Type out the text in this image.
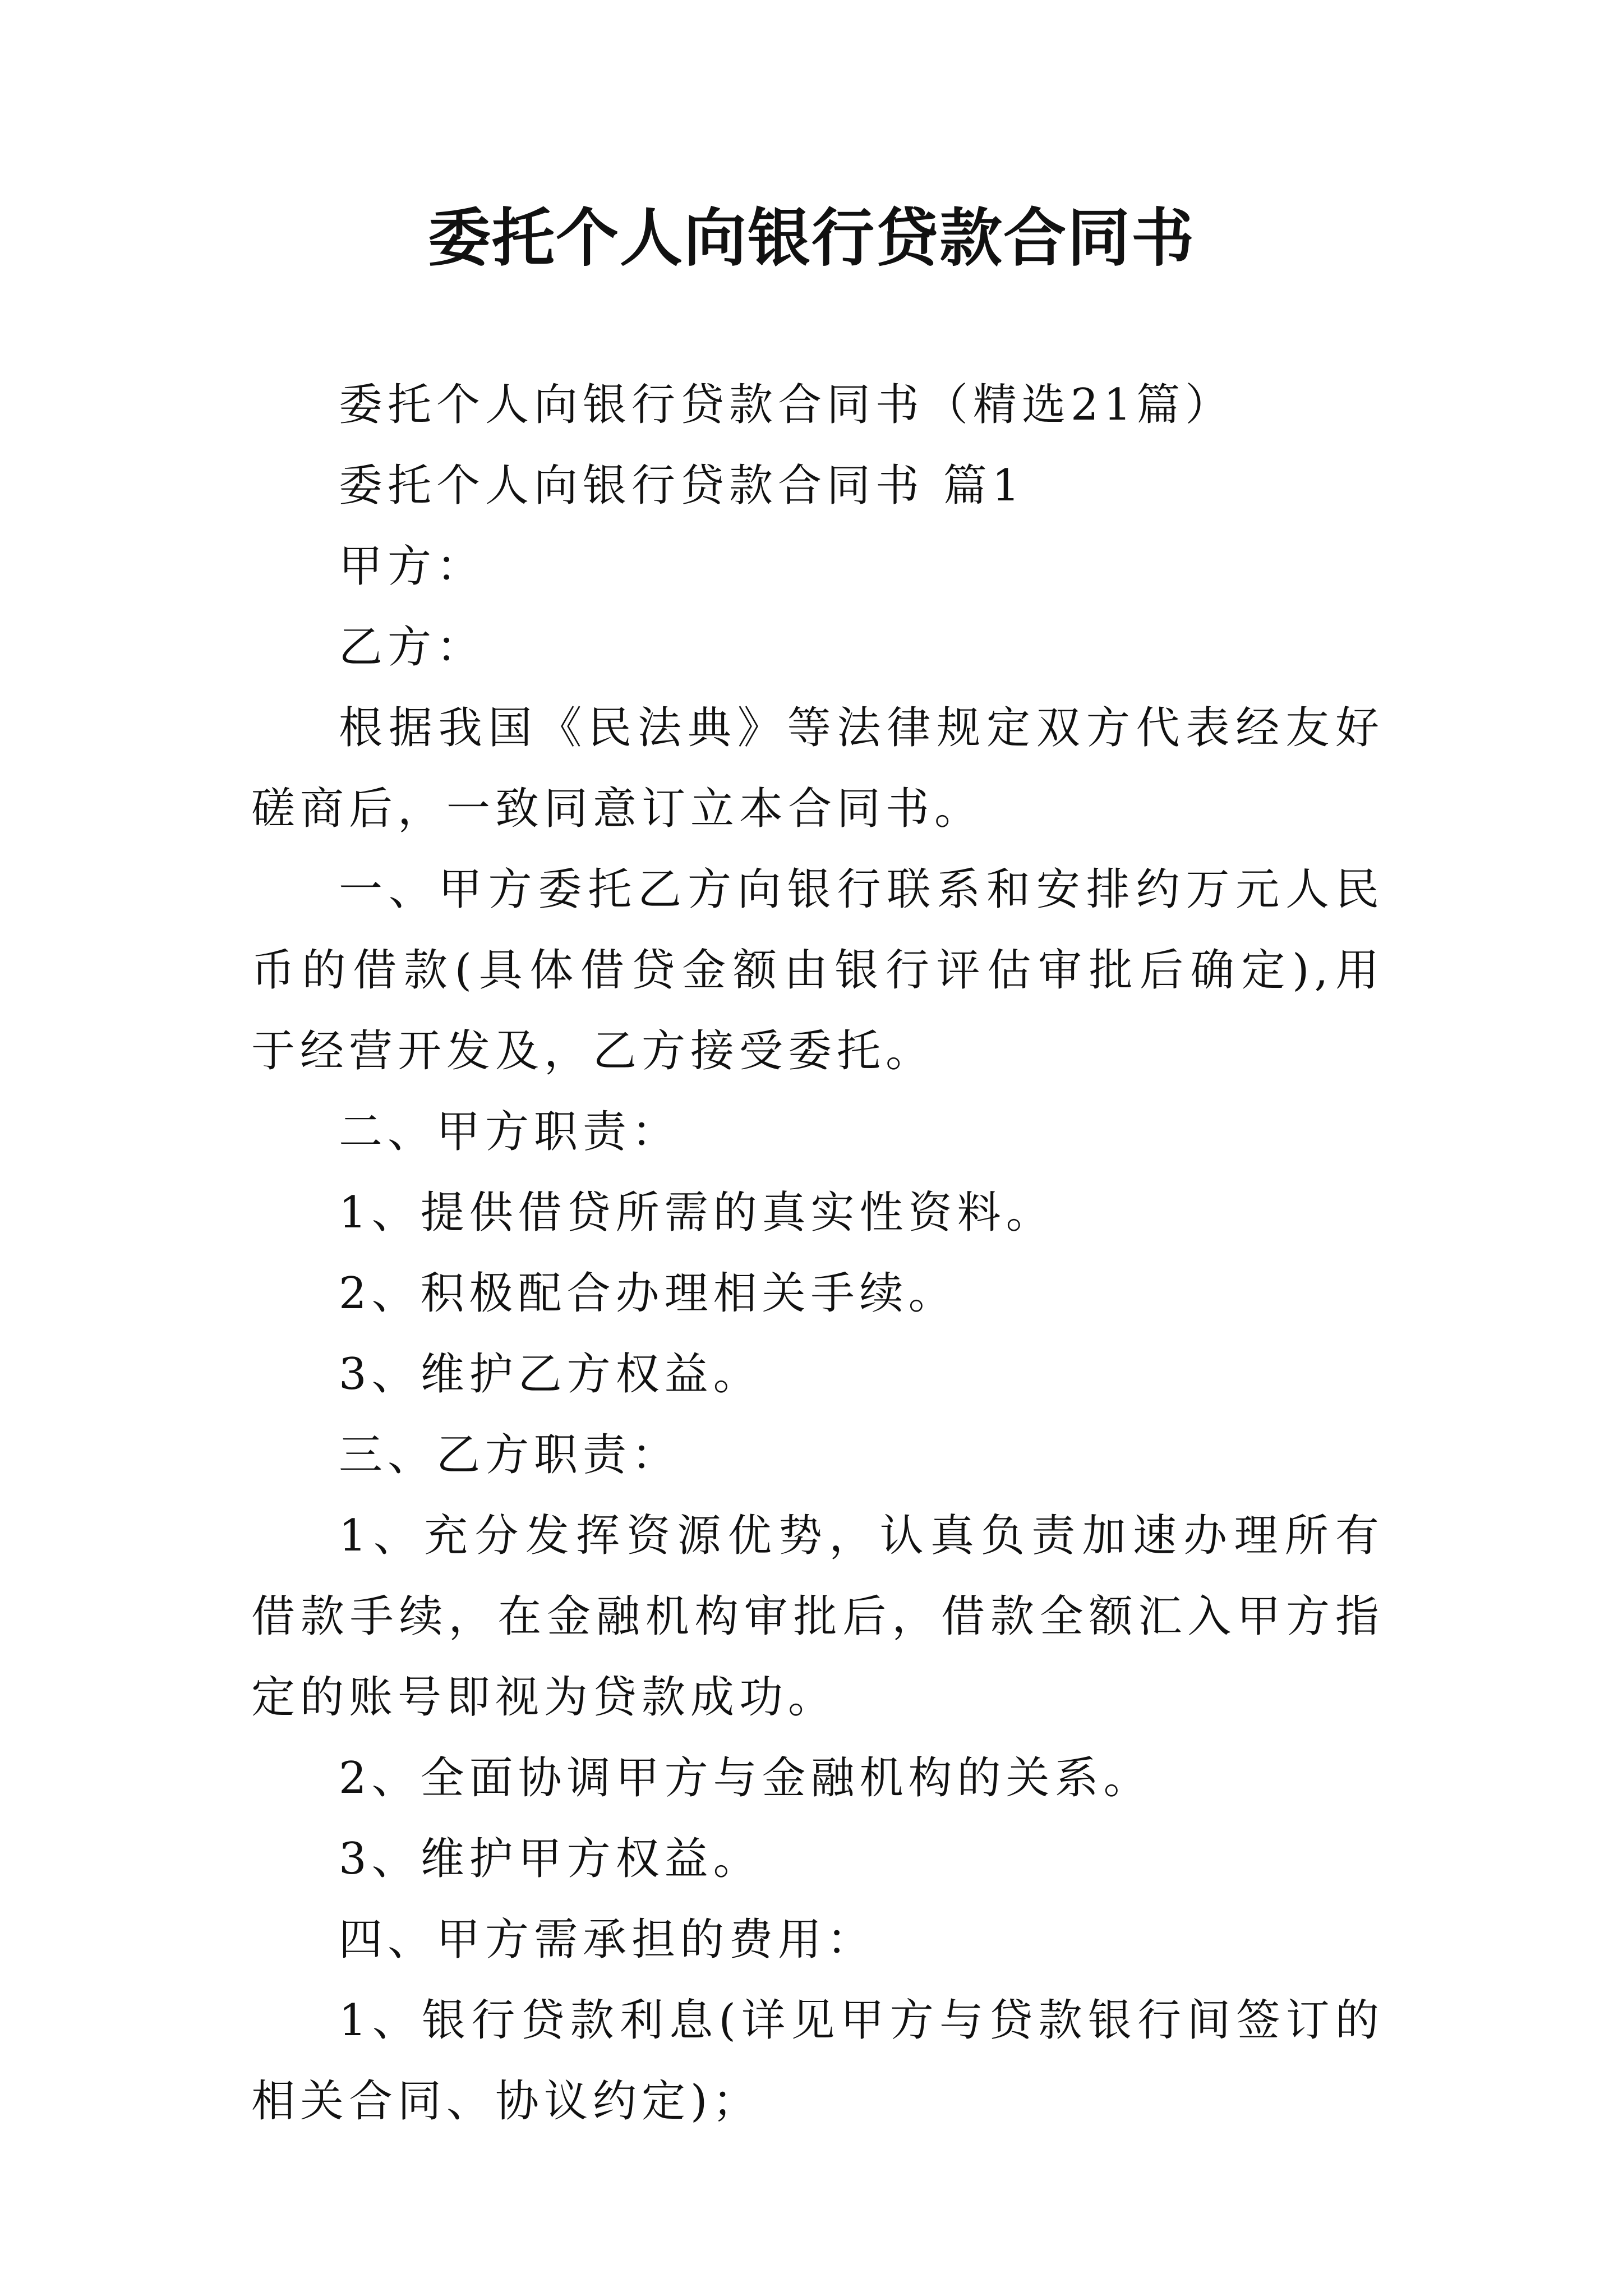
委托个人向银行贷款合同书

委托个人向银行贷款合同书（精选21篇）

委托个人向银行贷款合同书 篇1

甲方：

乙方：

根据我国《民法典》等法律规定双方代表经友好磋商后，一致同意订立本合同书。

一、甲方委托乙方向银行联系和安排约万元人民币的借款(具体借贷金额由银行评估审批后确定),用于经营开发及，乙方接受委托。

二、甲方职责：

1、提供借贷所需的真实性资料。

2、积极配合办理相关手续。

3、维护乙方权益。

三、乙方职责：

1、充分发挥资源优势，认真负责加速办理所有借款手续，在金融机构审批后，借款全额汇入甲方指定的账号即视为贷款成功。

2、全面协调甲方与金融机构的关系。

3、维护甲方权益。

四、甲方需承担的费用：

1、银行贷款利息(详见甲方与贷款银行间签订的相关合同、协议约定)；
